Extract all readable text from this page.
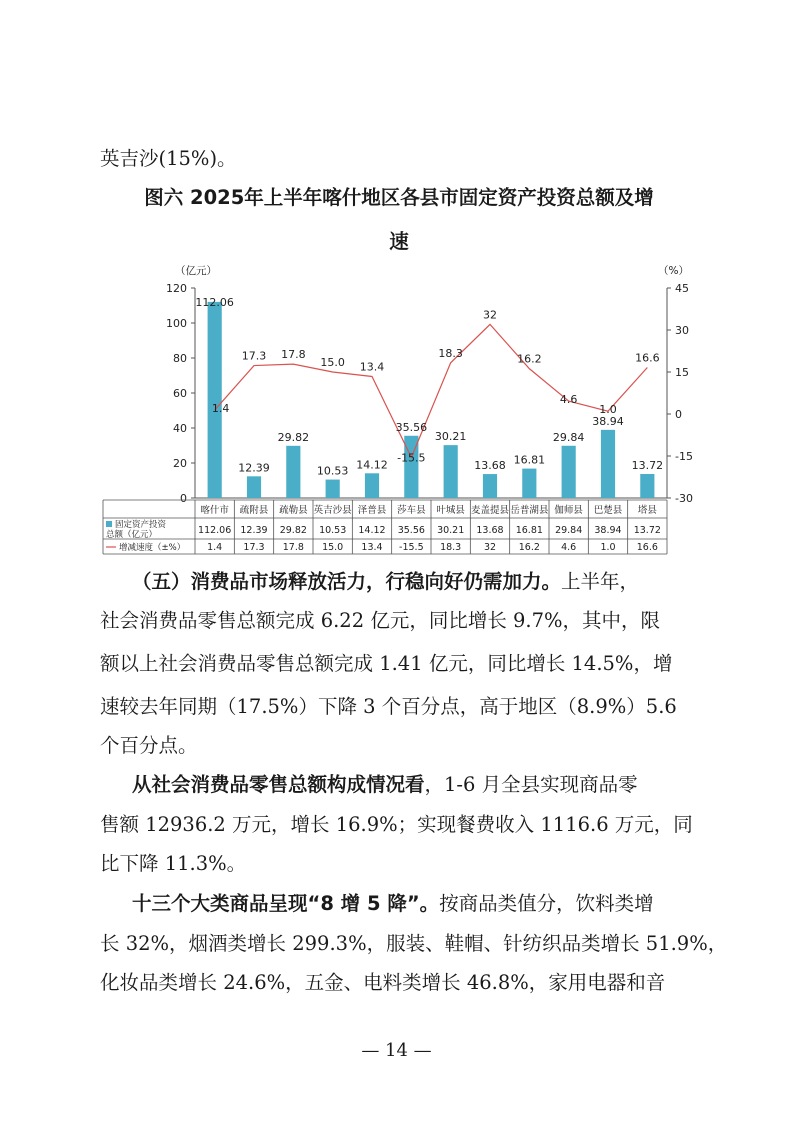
英吉沙(15%)。
图六 2025年上半年喀什地区各县市固定资产投资总额及增
速
（亿元）	（%）
0
20
40
60
80
100
120
-30
-15
0
15
30
45
112.06
12.39
29.82
10.53 14.12
35.56
30.21
13.68 16.81
29.84
38.94
13.72
1.4
17.3 17.8
15.0 13.4
-15.5
18.3
32
16.2
4.6
1.0
16.6
喀什市 疏附县 疏勒县 英吉沙县 泽普县 莎车县 叶城县 麦盖提县 岳普湖县 伽师县 巴楚县 塔县
固定资产投资
总额（亿元）
增减速度（±%）
112.06 12.39 29.82 10.53 14.12 35.56 30.21 13.68 16.81 29.84 38.94 13.72
1.4 17.3 17.8 15.0 13.4 -15.5 18.3 32 16.2 4.6	1.0 16.6
（五）消费品市场释放活力，行稳向好仍需加力。上半年，
社会消费品零售总额完成 6.22 亿元，同比增长 9.7%，其中，限
额以上社会消费品零售总额完成 1.41 亿元，同比增长 14.5%，增
速较去年同期（17.5%）下降 3 个百分点，高于地区（8.9%）5.6
个百分点。
从社会消费品零售总额构成情况看，1-6 月全县实现商品零
售额 12936.2 万元，增长 16.9%；实现餐费收入 1116.6 万元，同
比下降 11.3%。
十三个大类商品呈现“8 增 5 降”。按商品类值分，饮料类增
长 32%，烟酒类增长 299.3%，服装、鞋帽、针纺织品类增长 51.9%，
化妆品类增长 24.6%，五金、电料类增长 46.8%，家用电器和音
— 14 —
